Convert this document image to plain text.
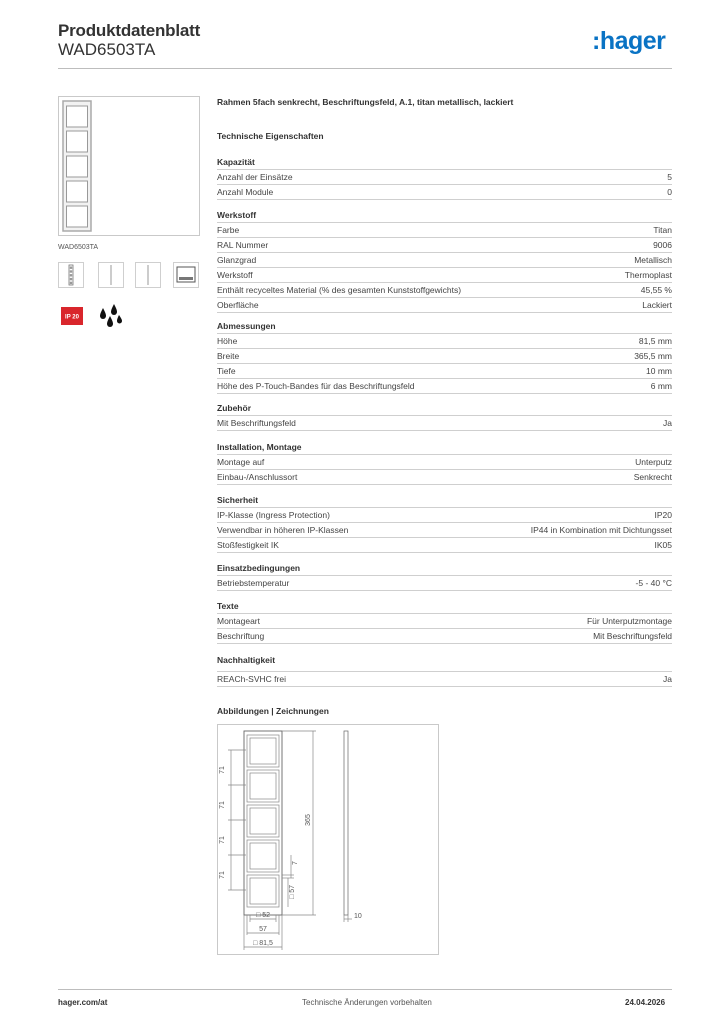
Produktdatenblatt
WAD6503TA	:hager
WAD6503TA
IP 20
Rahmen 5fach senkrecht, Beschriftungsfeld, A.1, titan metallisch, lackiert
Technische Eigenschaften
Kapazität
Anzahl der Einsätze	5
Anzahl Module	0
Werkstoff
Farbe	Titan
RAL Nummer	9006
Glanzgrad	Metallisch
Werkstoff	Thermoplast
Enthält recyceltes Material (% des gesamten Kunststoffgewichts)	45,55 %
Oberfläche	Lackiert
Abmessungen
Höhe	81,5 mm
Breite	365,5 mm
Tiefe	10 mm
Höhe des P-Touch-Bandes für das Beschriftungsfeld	6 mm
Zubehör
Mit Beschriftungsfeld	Ja
Installation, Montage
Montage auf	Unterputz
Einbau-/Anschlussort	Senkrecht
Sicherheit
IP-Klasse (Ingress Protection)	IP20
Verwendbar in höheren IP-Klassen	IP44 in Kombination mit Dichtungsset
Stoßfestigkeit IK	IK05
Einsatzbedingungen
Betriebstemperatur	-5 - 40 °C
Texte
Montageart	Für Unterputzmontage
Beschriftung	Mit Beschriftungsfeld
Nachhaltigkeit
REACh-SVHC frei	Ja
Abbildungen | Zeichnungen
71
71
71
71
365
7
□ 57
□ 52
57
□ 81,5
10
hager.com/at	Technische Änderungen vorbehalten	24.04.2026
